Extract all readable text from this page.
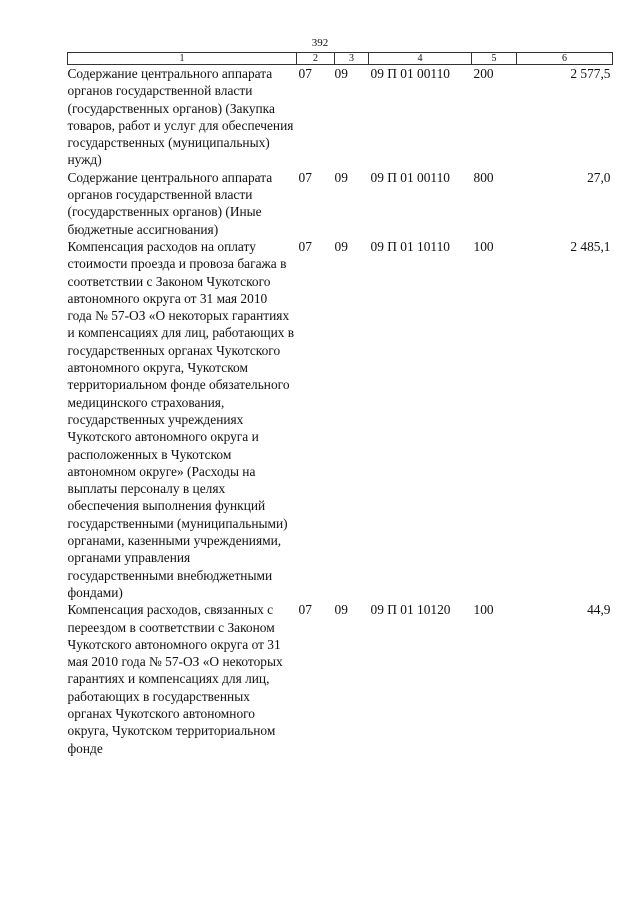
392
1	2	3	4	5	6
Содержание центрального аппарата органов государственной власти (государственных органов) (Закупка товаров, работ и услуг для обеспечения государственных (муниципальных) нужд)	07	09	09 П 01 00110	200	2 577,5
Содержание центрального аппарата органов государственной власти (государственных органов) (Иные бюджетные ассигнования)	07	09	09 П 01 00110	800	27,0
Компенсация расходов на оплату стоимости проезда и провоза багажа в соответствии с Законом Чукотского автономного округа от 31 мая 2010 года № 57-ОЗ «О некоторых гарантиях и компенсациях для лиц, работающих в государственных органах Чукотского автономного округа, Чукотском территориальном фонде обязательного медицинского страхования, государственных учреждениях Чукотского автономного округа и расположенных в Чукотском автономном округе» (Расходы на выплаты персоналу в целях обеспечения выполнения функций государственными (муниципальными) органами, казенными учреждениями, органами управления государственными внебюджетными фондами)	07	09	09 П 01 10110	100	2 485,1
Компенсация расходов, связанных с переездом в соответствии с Законом Чукотского автономного округа от 31 мая 2010 года № 57-ОЗ «О некоторых гарантиях и компенсациях для лиц, работающих в государственных органах Чукотского автономного округа, Чукотском территориальном фонде	07	09	09 П 01 10120	100	44,9
